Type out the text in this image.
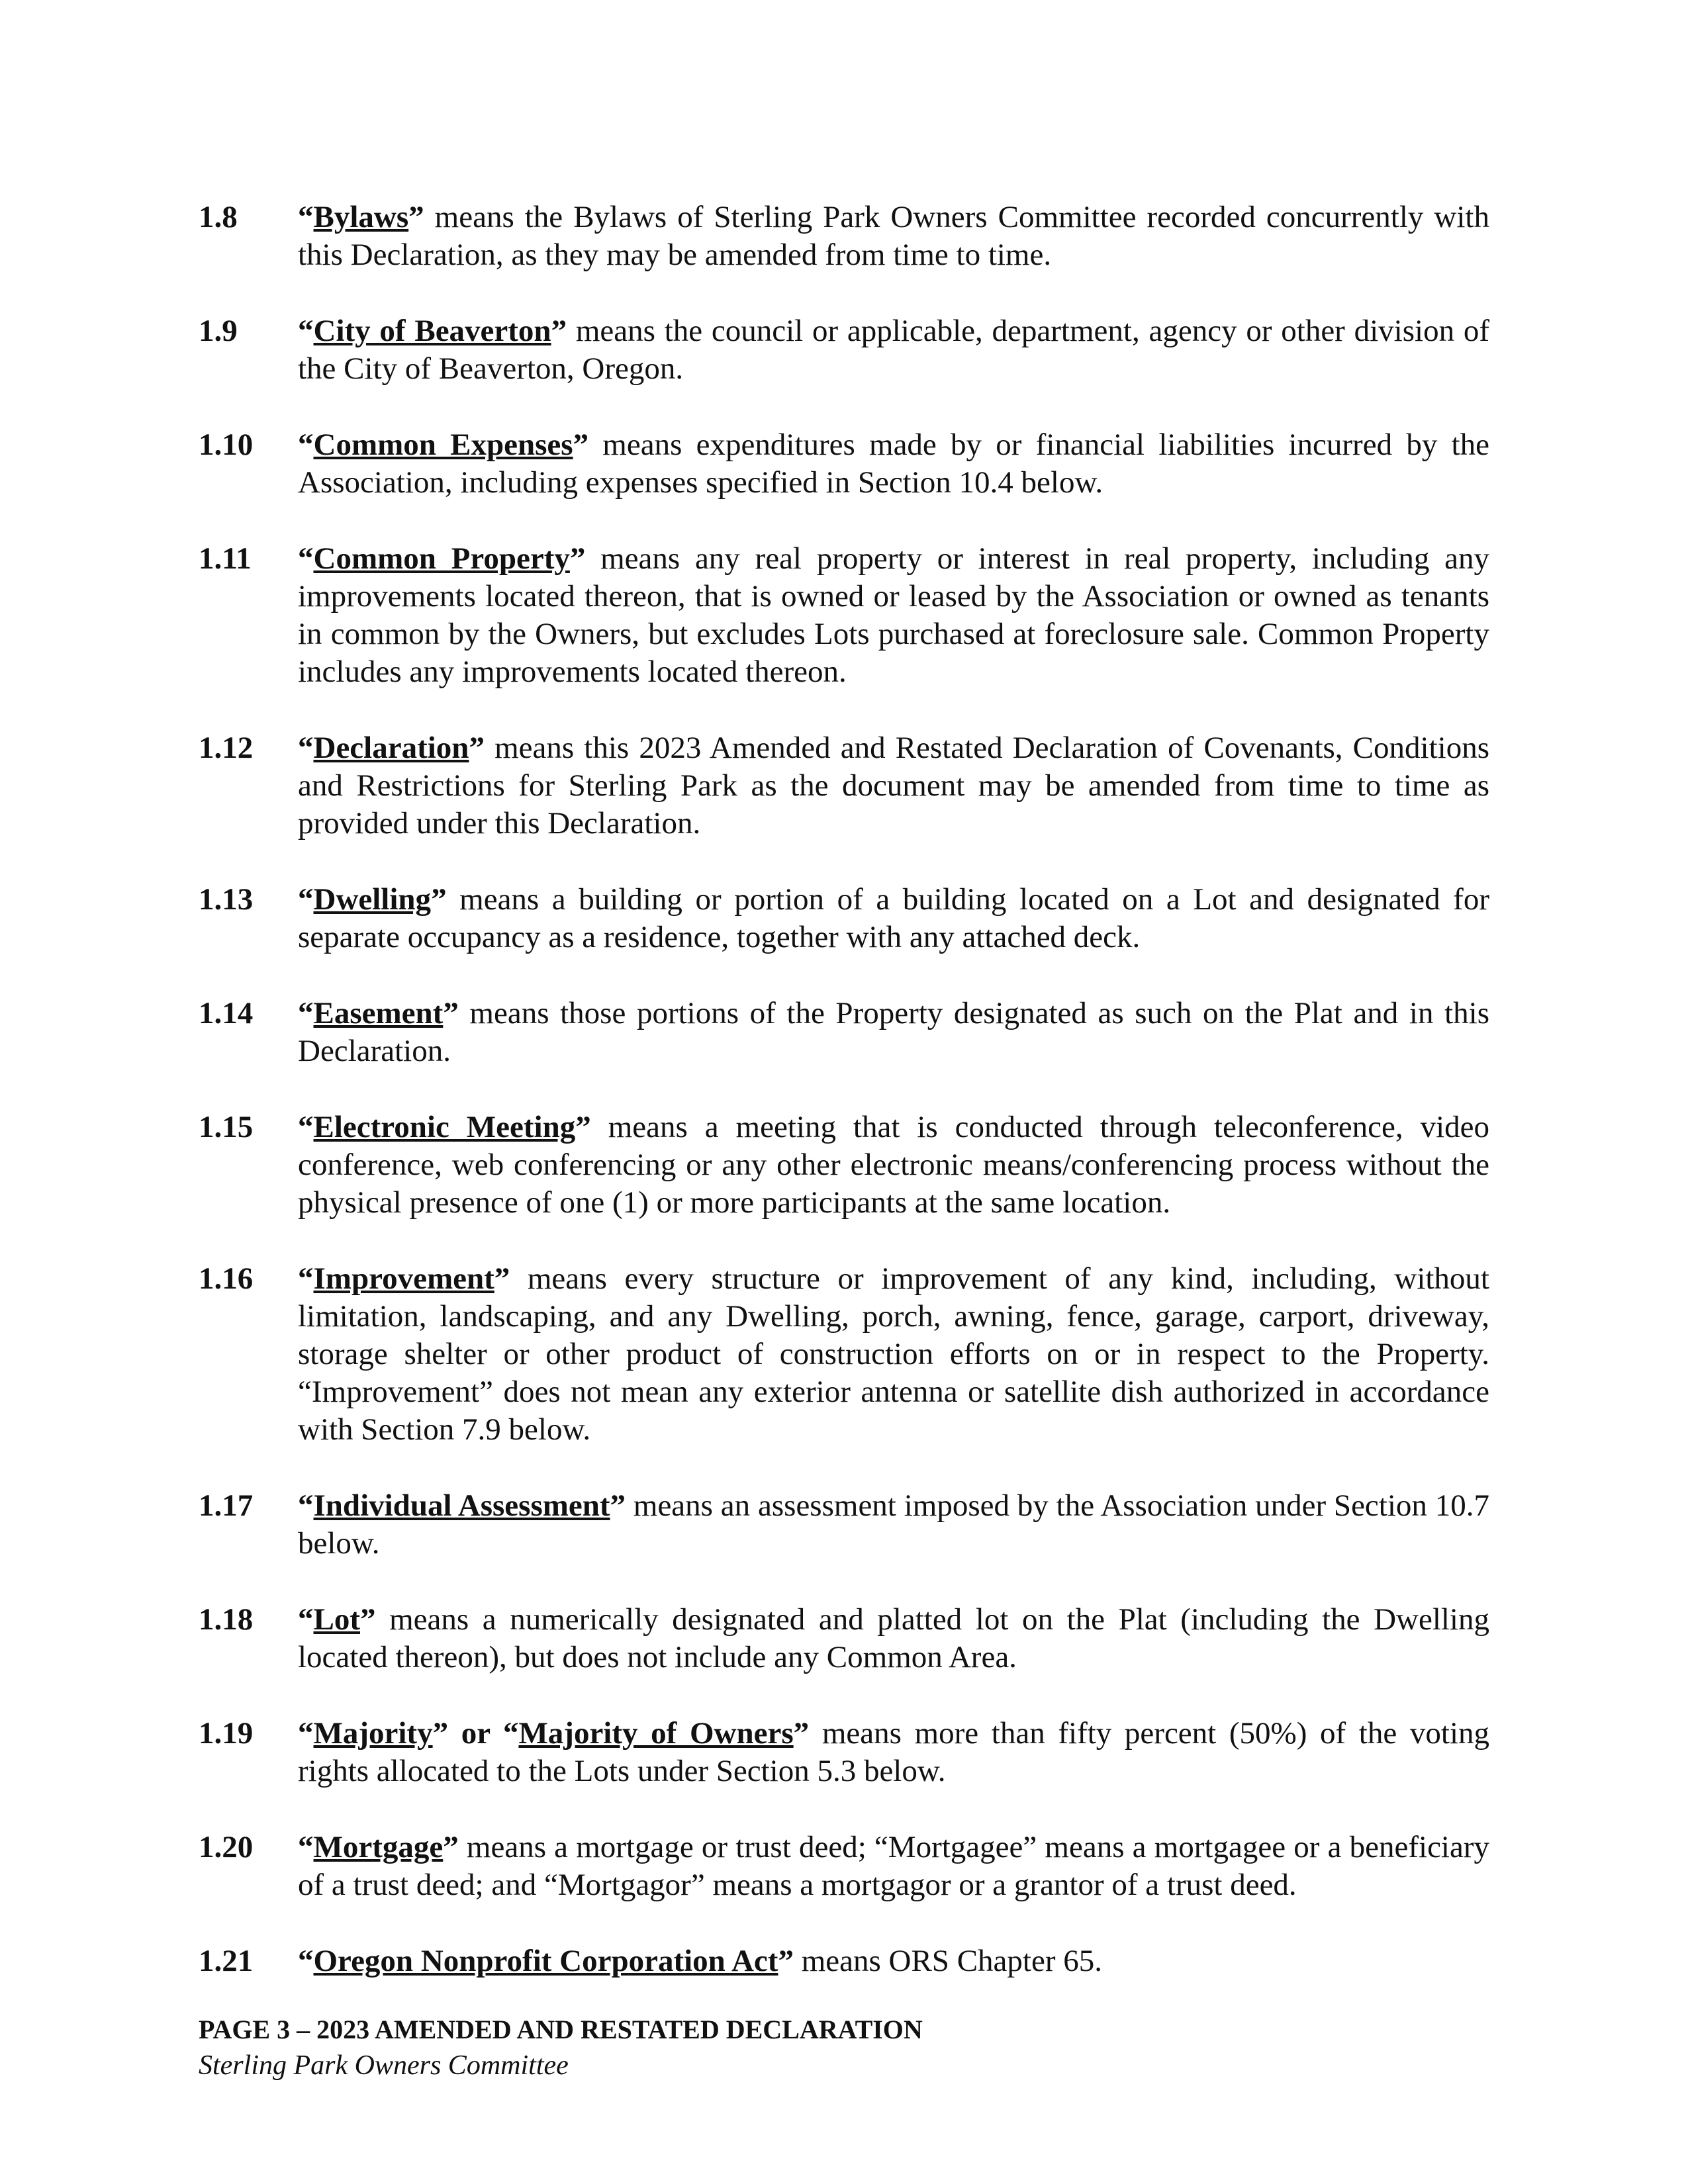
1.8 “Bylaws” means the Bylaws of Sterling Park Owners Committee recorded concurrently with this Declaration, as they may be amended from time to time.
1.9 “City of Beaverton” means the council or applicable, department, agency or other division of the City of Beaverton, Oregon.
1.10 “Common Expenses” means expenditures made by or financial liabilities incurred by the Association, including expenses specified in Section 10.4 below.
1.11 “Common Property” means any real property or interest in real property, including any improvements located thereon, that is owned or leased by the Association or owned as tenants in common by the Owners, but excludes Lots purchased at foreclosure sale. Common Property includes any improvements located thereon.
1.12 “Declaration” means this 2023 Amended and Restated Declaration of Covenants, Conditions and Restrictions for Sterling Park as the document may be amended from time to time as provided under this Declaration.
1.13 “Dwelling” means a building or portion of a building located on a Lot and designated for separate occupancy as a residence, together with any attached deck.
1.14 “Easement” means those portions of the Property designated as such on the Plat and in this Declaration.
1.15 “Electronic Meeting” means a meeting that is conducted through teleconference, video conference, web conferencing or any other electronic means/conferencing process without the physical presence of one (1) or more participants at the same location.
1.16 “Improvement” means every structure or improvement of any kind, including, without limitation, landscaping, and any Dwelling, porch, awning, fence, garage, carport, driveway, storage shelter or other product of construction efforts on or in respect to the Property. “Improvement” does not mean any exterior antenna or satellite dish authorized in accordance with Section 7.9 below.
1.17 “Individual Assessment” means an assessment imposed by the Association under Section 10.7 below.
1.18 “Lot” means a numerically designated and platted lot on the Plat (including the Dwelling located thereon), but does not include any Common Area.
1.19 “Majority” or “Majority of Owners” means more than fifty percent (50%) of the voting rights allocated to the Lots under Section 5.3 below.
1.20 “Mortgage” means a mortgage or trust deed; “Mortgagee” means a mortgagee or a beneficiary of a trust deed; and “Mortgagor” means a mortgagor or a grantor of a trust deed.
1.21 “Oregon Nonprofit Corporation Act” means ORS Chapter 65.
PAGE 3 – 2023 AMENDED AND RESTATED DECLARATION
Sterling Park Owners Committee
